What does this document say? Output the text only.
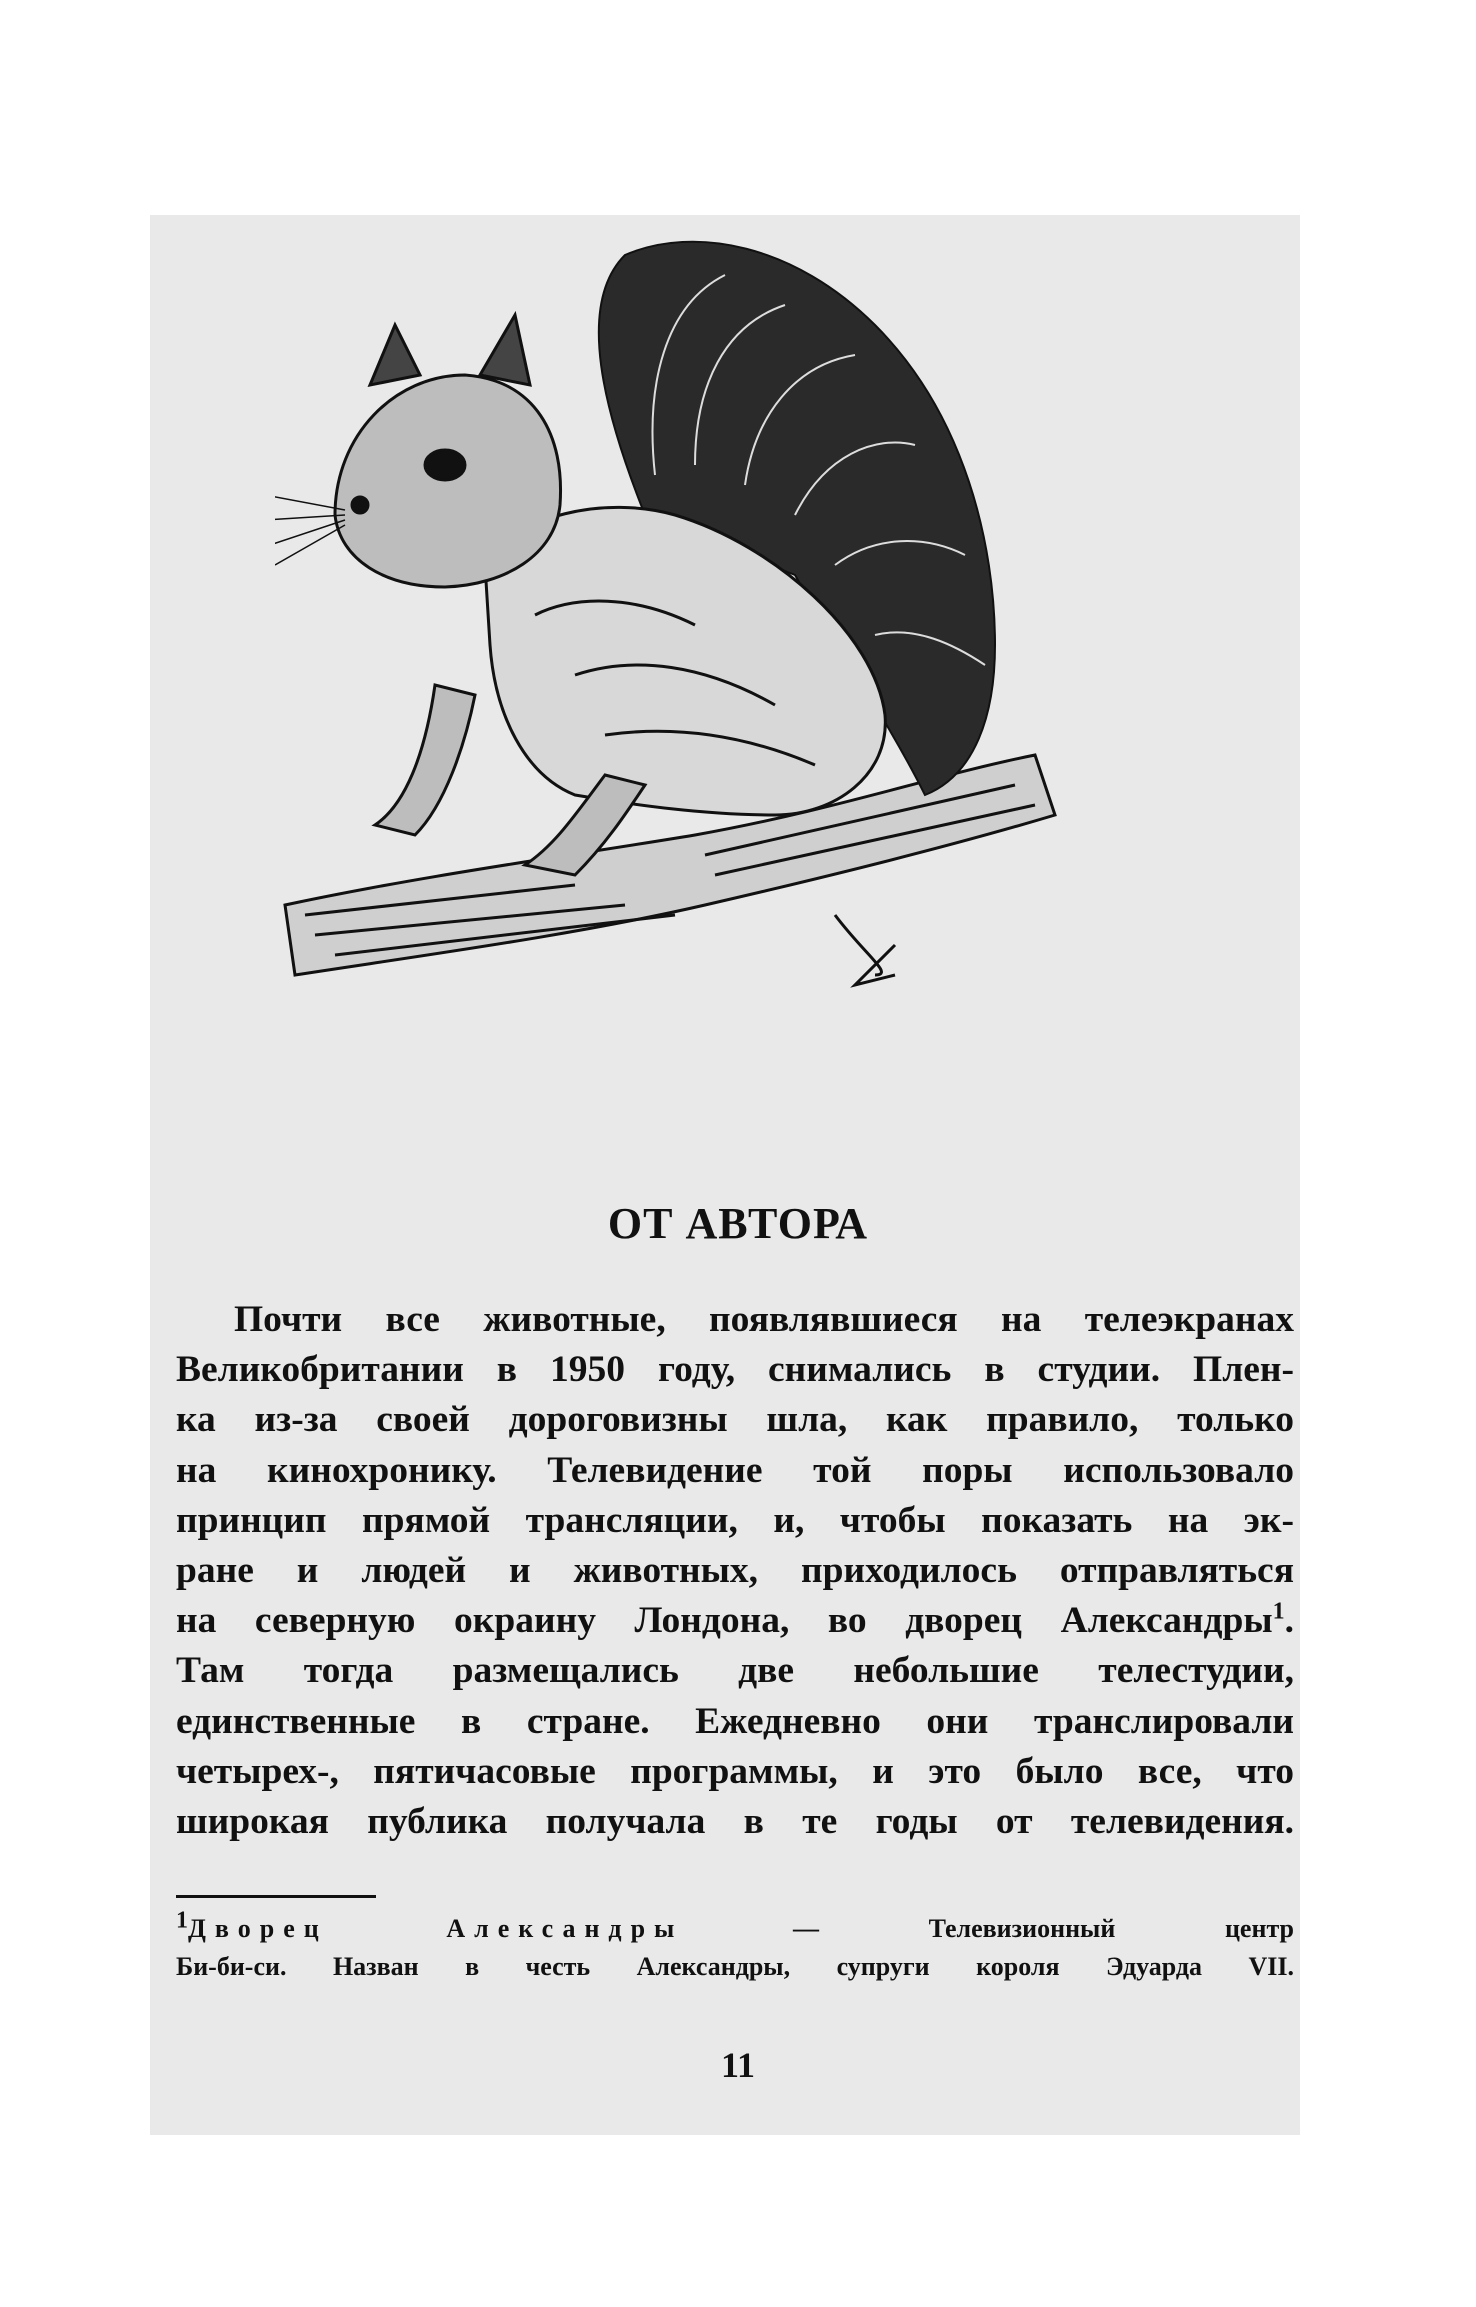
ОТ АВТОРА
Почти все животные, появлявшиеся на телеэкранах
Великобритании в 1950 году, снимались в студии. Плен-
ка из-за своей дороговизны шла, как правило, только
на кинохронику. Телевидение той поры использовало
принцип прямой трансляции, и, чтобы показать на эк-
ране и людей и животных, приходилось отправляться
на северную окраину Лондона, во дворец Александры$^1$.
Там тогда размещались две небольшие телестудии,
единственные в стране. Ежедневно они транслировали
четырех-, пятичасовые программы, и это было все, что
широкая публика получала в те годы от телевидения.
$^1$Дворец Александры — Телевизионный центр
Би-би-си. Назван в честь Александры, супруги короля Эдуарда VII.
11
